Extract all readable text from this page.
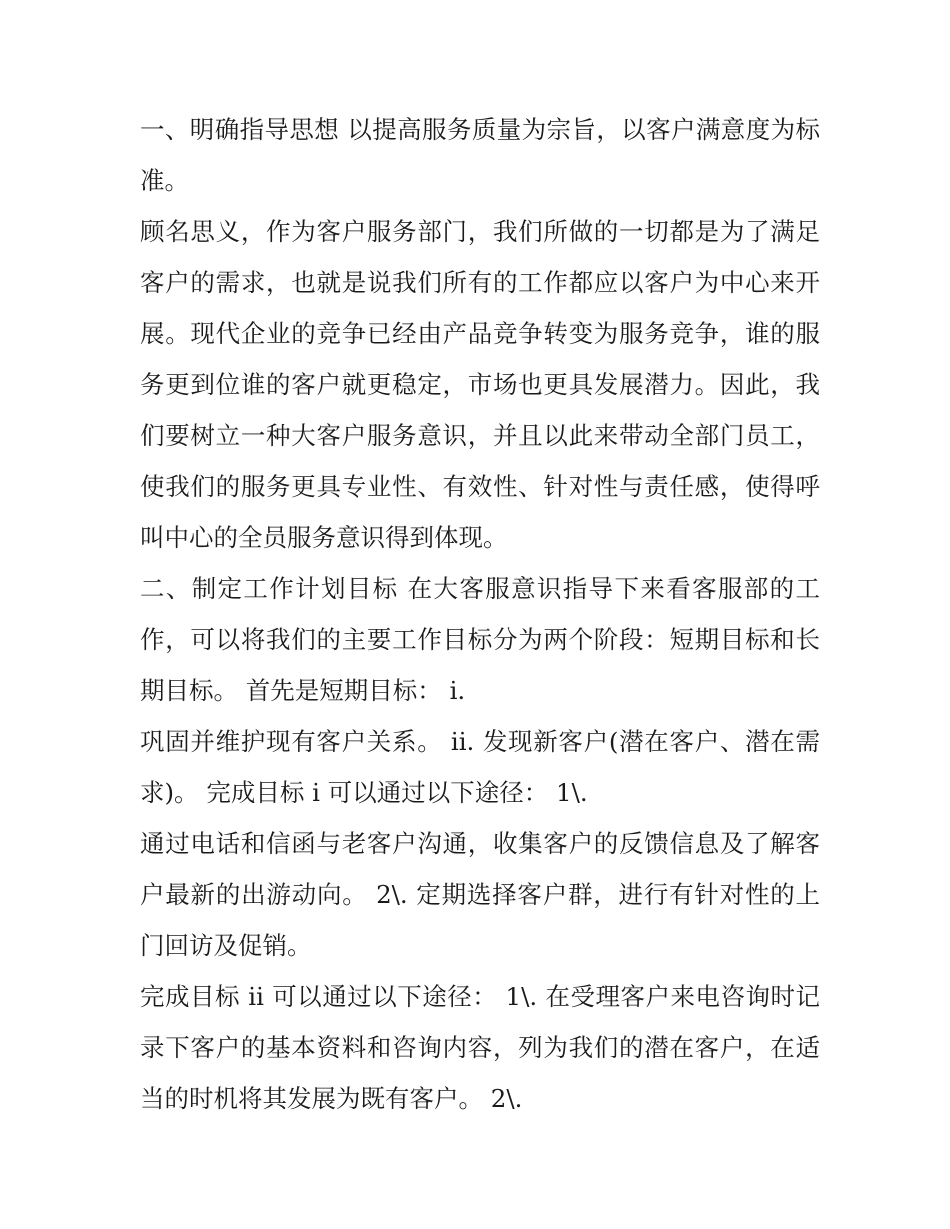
一、明确指导思想 以提高服务质量为宗旨，以客户满意度为标准。

顾名思义，作为客户服务部门，我们所做的一切都是为了满足客户的需求，也就是说我们所有的工作都应以客户为中心来开展。现代企业的竞争已经由产品竞争转变为服务竞争，谁的服务更到位谁的客户就更稳定，市场也更具发展潜力。因此，我们要树立一种大客户服务意识，并且以此来带动全部门员工，使我们的服务更具专业性、有效性、针对性与责任感，使得呼叫中心的全员服务意识得到体现。

二、制定工作计划目标 在大客服意识指导下来看客服部的工作，可以将我们的主要工作目标分为两个阶段：短期目标和长期目标。 首先是短期目标： i.

巩固并维护现有客户关系。 ii. 发现新客户(潜在客户、潜在需求)。 完成目标 i 可以通过以下途径： 1\.

通过电话和信函与老客户沟通，收集客户的反馈信息及了解客户最新的出游动向。 2\. 定期选择客户群，进行有针对性的上门回访及促销。

完成目标 ii 可以通过以下途径： 1\. 在受理客户来电咨询时记录下客户的基本资料和咨询内容，列为我们的潜在客户，在适当的时机将其发展为既有客户。 2\.
